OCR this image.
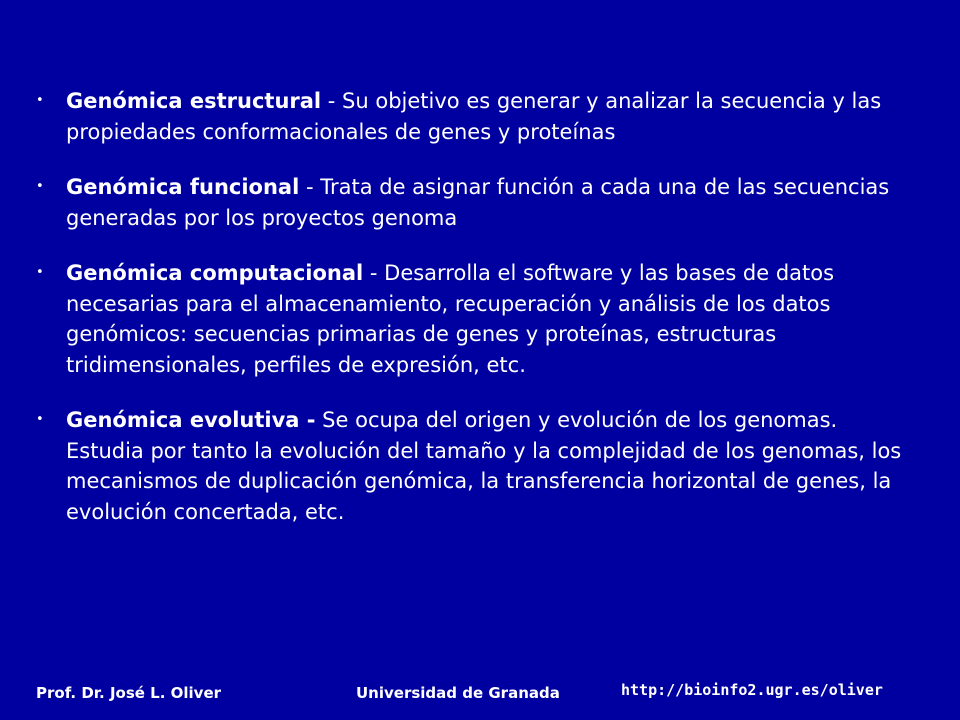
• Genómica estructural - Su objetivo es generar y analizar la secuencia y las propiedades conformacionales de genes y proteínas
• Genómica funcional - Trata de asignar función a cada una de las secuencias generadas por los proyectos genoma
• Genómica computacional - Desarrolla el software y las bases de datos necesarias para el almacenamiento, recuperación y análisis de los datos genómicos: secuencias primarias de genes y proteínas, estructuras tridimensionales, perfiles de expresión, etc.
• Genómica evolutiva - Se ocupa del origen y evolución de los genomas. Estudia por tanto la evolución del tamaño y la complejidad de los genomas, los mecanismos de duplicación genómica, la transferencia horizontal de genes, la evolución concertada, etc.
Prof. Dr. José L. Oliver	Universidad de Granada	http://bioinfo2.ugr.es/oliver
